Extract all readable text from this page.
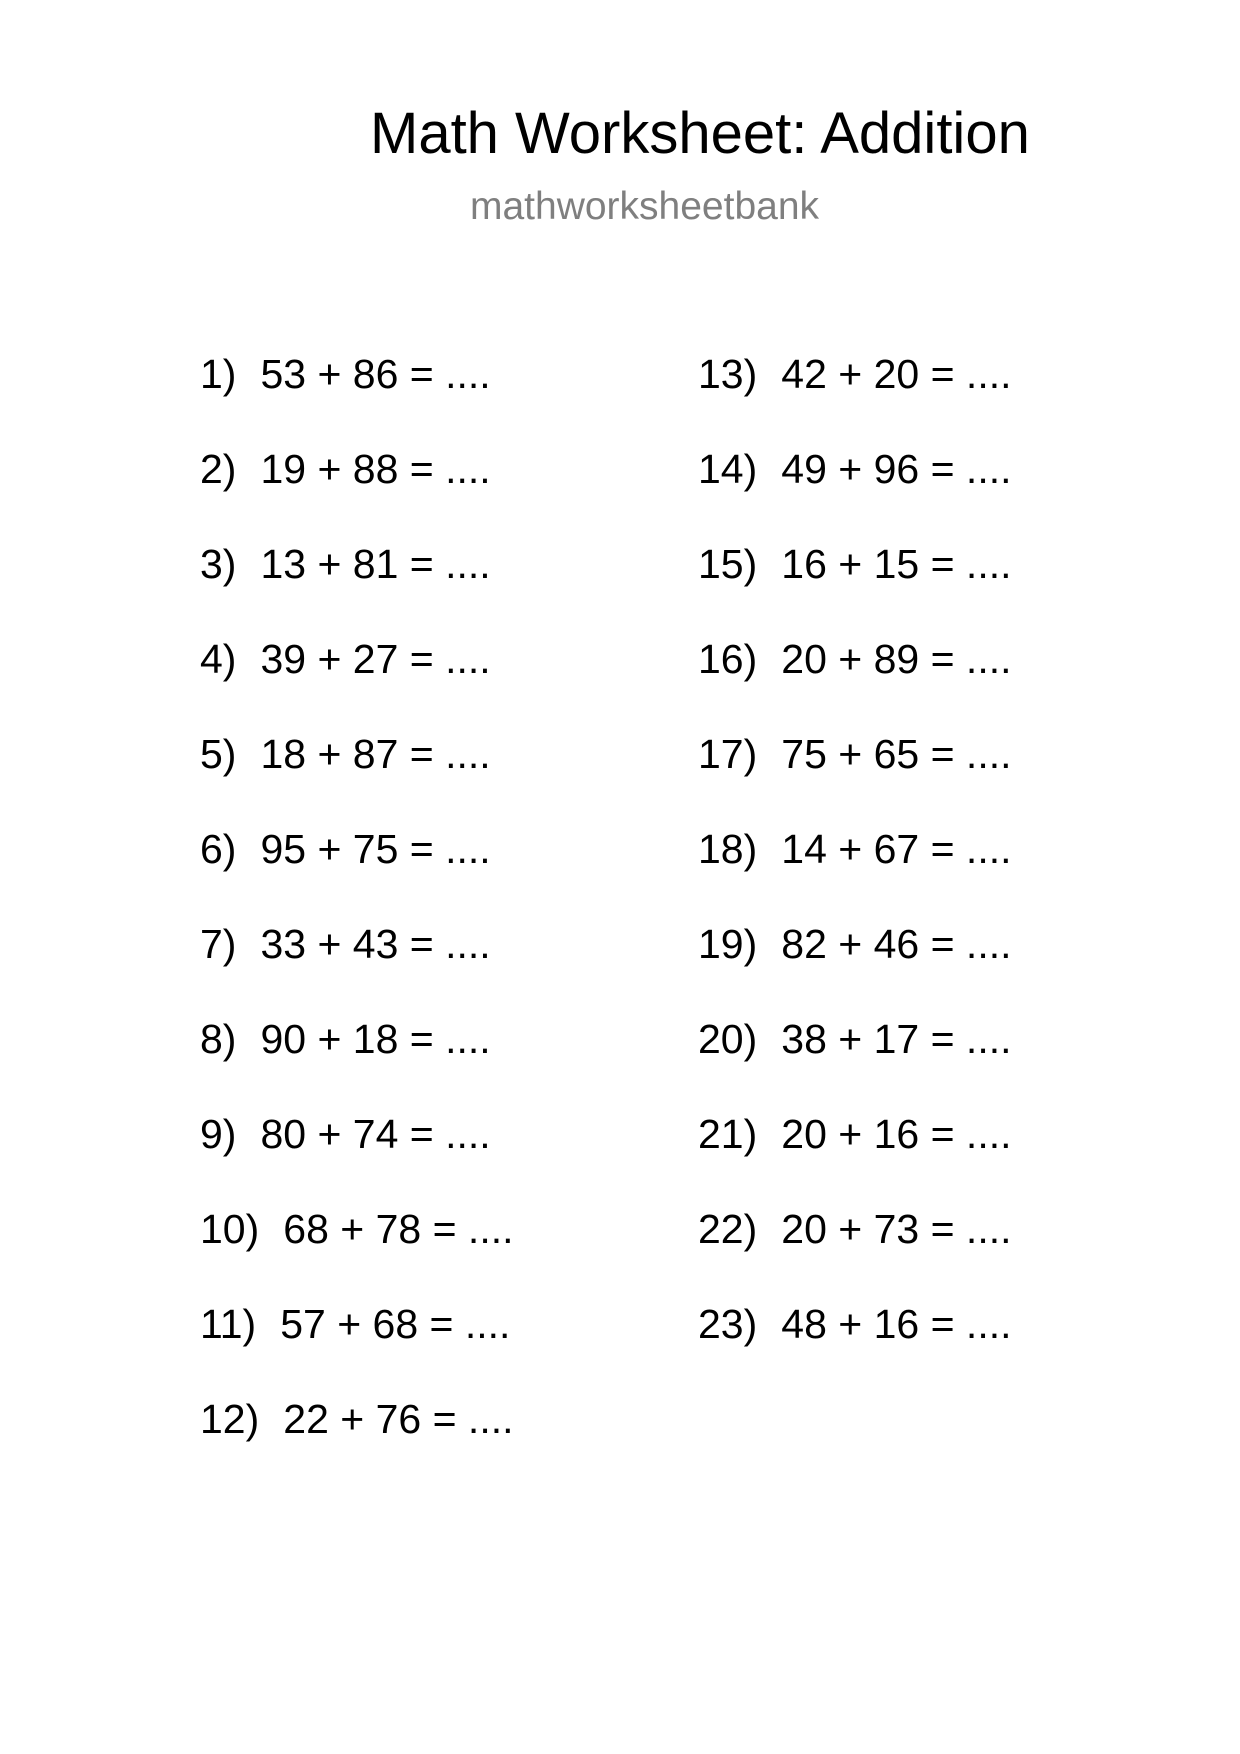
Math Worksheet: Addition
mathworksheetbank
1) 53 + 86 = ....
2) 19 + 88 = ....
3) 13 + 81 = ....
4) 39 + 27 = ....
5) 18 + 87 = ....
6) 95 + 75 = ....
7) 33 + 43 = ....
8) 90 + 18 = ....
9) 80 + 74 = ....
10) 68 + 78 = ....
11) 57 + 68 = ....
12) 22 + 76 = ....
13) 42 + 20 = ....
14) 49 + 96 = ....
15) 16 + 15 = ....
16) 20 + 89 = ....
17) 75 + 65 = ....
18) 14 + 67 = ....
19) 82 + 46 = ....
20) 38 + 17 = ....
21) 20 + 16 = ....
22) 20 + 73 = ....
23) 48 + 16 = ....
